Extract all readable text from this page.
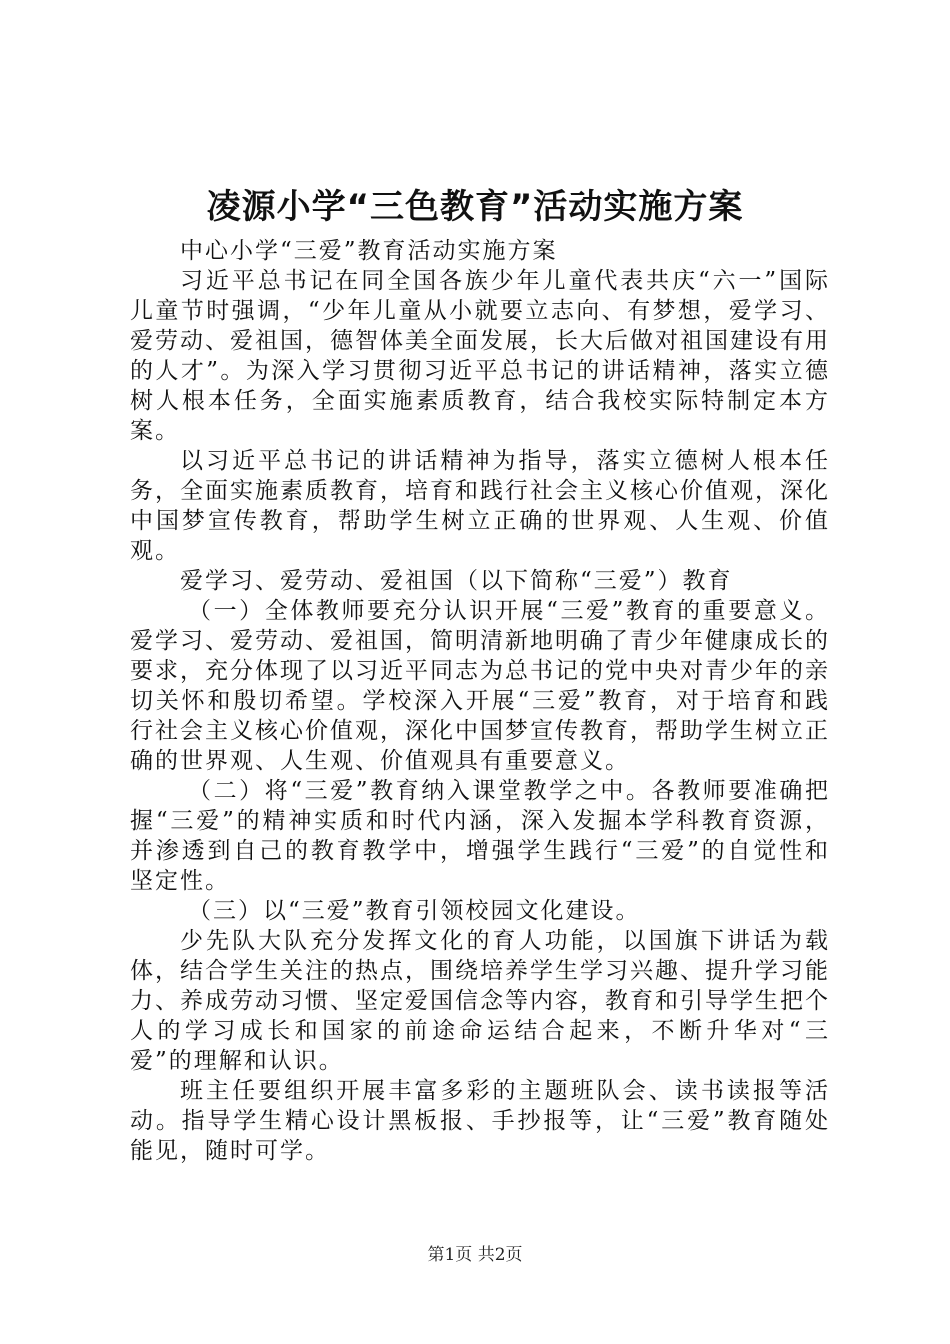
凌源小学“三色教育”活动实施方案

中心小学“三爱”教育活动实施方案

习近平总书记在同全国各族少年儿童代表共庆“六一”国际儿童节时强调，“少年儿童从小就要立志向、有梦想，爱学习、爱劳动、爱祖国，德智体美全面发展，长大后做对祖国建设有用的人才”。为深入学习贯彻习近平总书记的讲话精神，落实立德树人根本任务，全面实施素质教育，结合我校实际特制定本方案。

以习近平总书记的讲话精神为指导，落实立德树人根本任务，全面实施素质教育，培育和践行社会主义核心价值观，深化中国梦宣传教育，帮助学生树立正确的世界观、人生观、价值观。

爱学习、爱劳动、爱祖国（以下简称“三爱”）教育

（一）全体教师要充分认识开展“三爱”教育的重要意义。爱学习、爱劳动、爱祖国，简明清新地明确了青少年健康成长的要求，充分体现了以习近平同志为总书记的党中央对青少年的亲切关怀和殷切希望。学校深入开展“三爱”教育，对于培育和践行社会主义核心价值观，深化中国梦宣传教育，帮助学生树立正确的世界观、人生观、价值观具有重要意义。

（二）将“三爱”教育纳入课堂教学之中。各教师要准确把握“三爱”的精神实质和时代内涵，深入发掘本学科教育资源，并渗透到自己的教育教学中，增强学生践行“三爱”的自觉性和坚定性。

（三）以“三爱”教育引领校园文化建设。

少先队大队充分发挥文化的育人功能，以国旗下讲话为载体，结合学生关注的热点，围绕培养学生学习兴趣、提升学习能力、养成劳动习惯、坚定爱国信念等内容，教育和引导学生把个人的学习成长和国家的前途命运结合起来，不断升华对“三爱”的理解和认识。

班主任要组织开展丰富多彩的主题班队会、读书读报等活动。指导学生精心设计黑板报、手抄报等，让“三爱”教育随处能见，随时可学。

第1页 共2页
